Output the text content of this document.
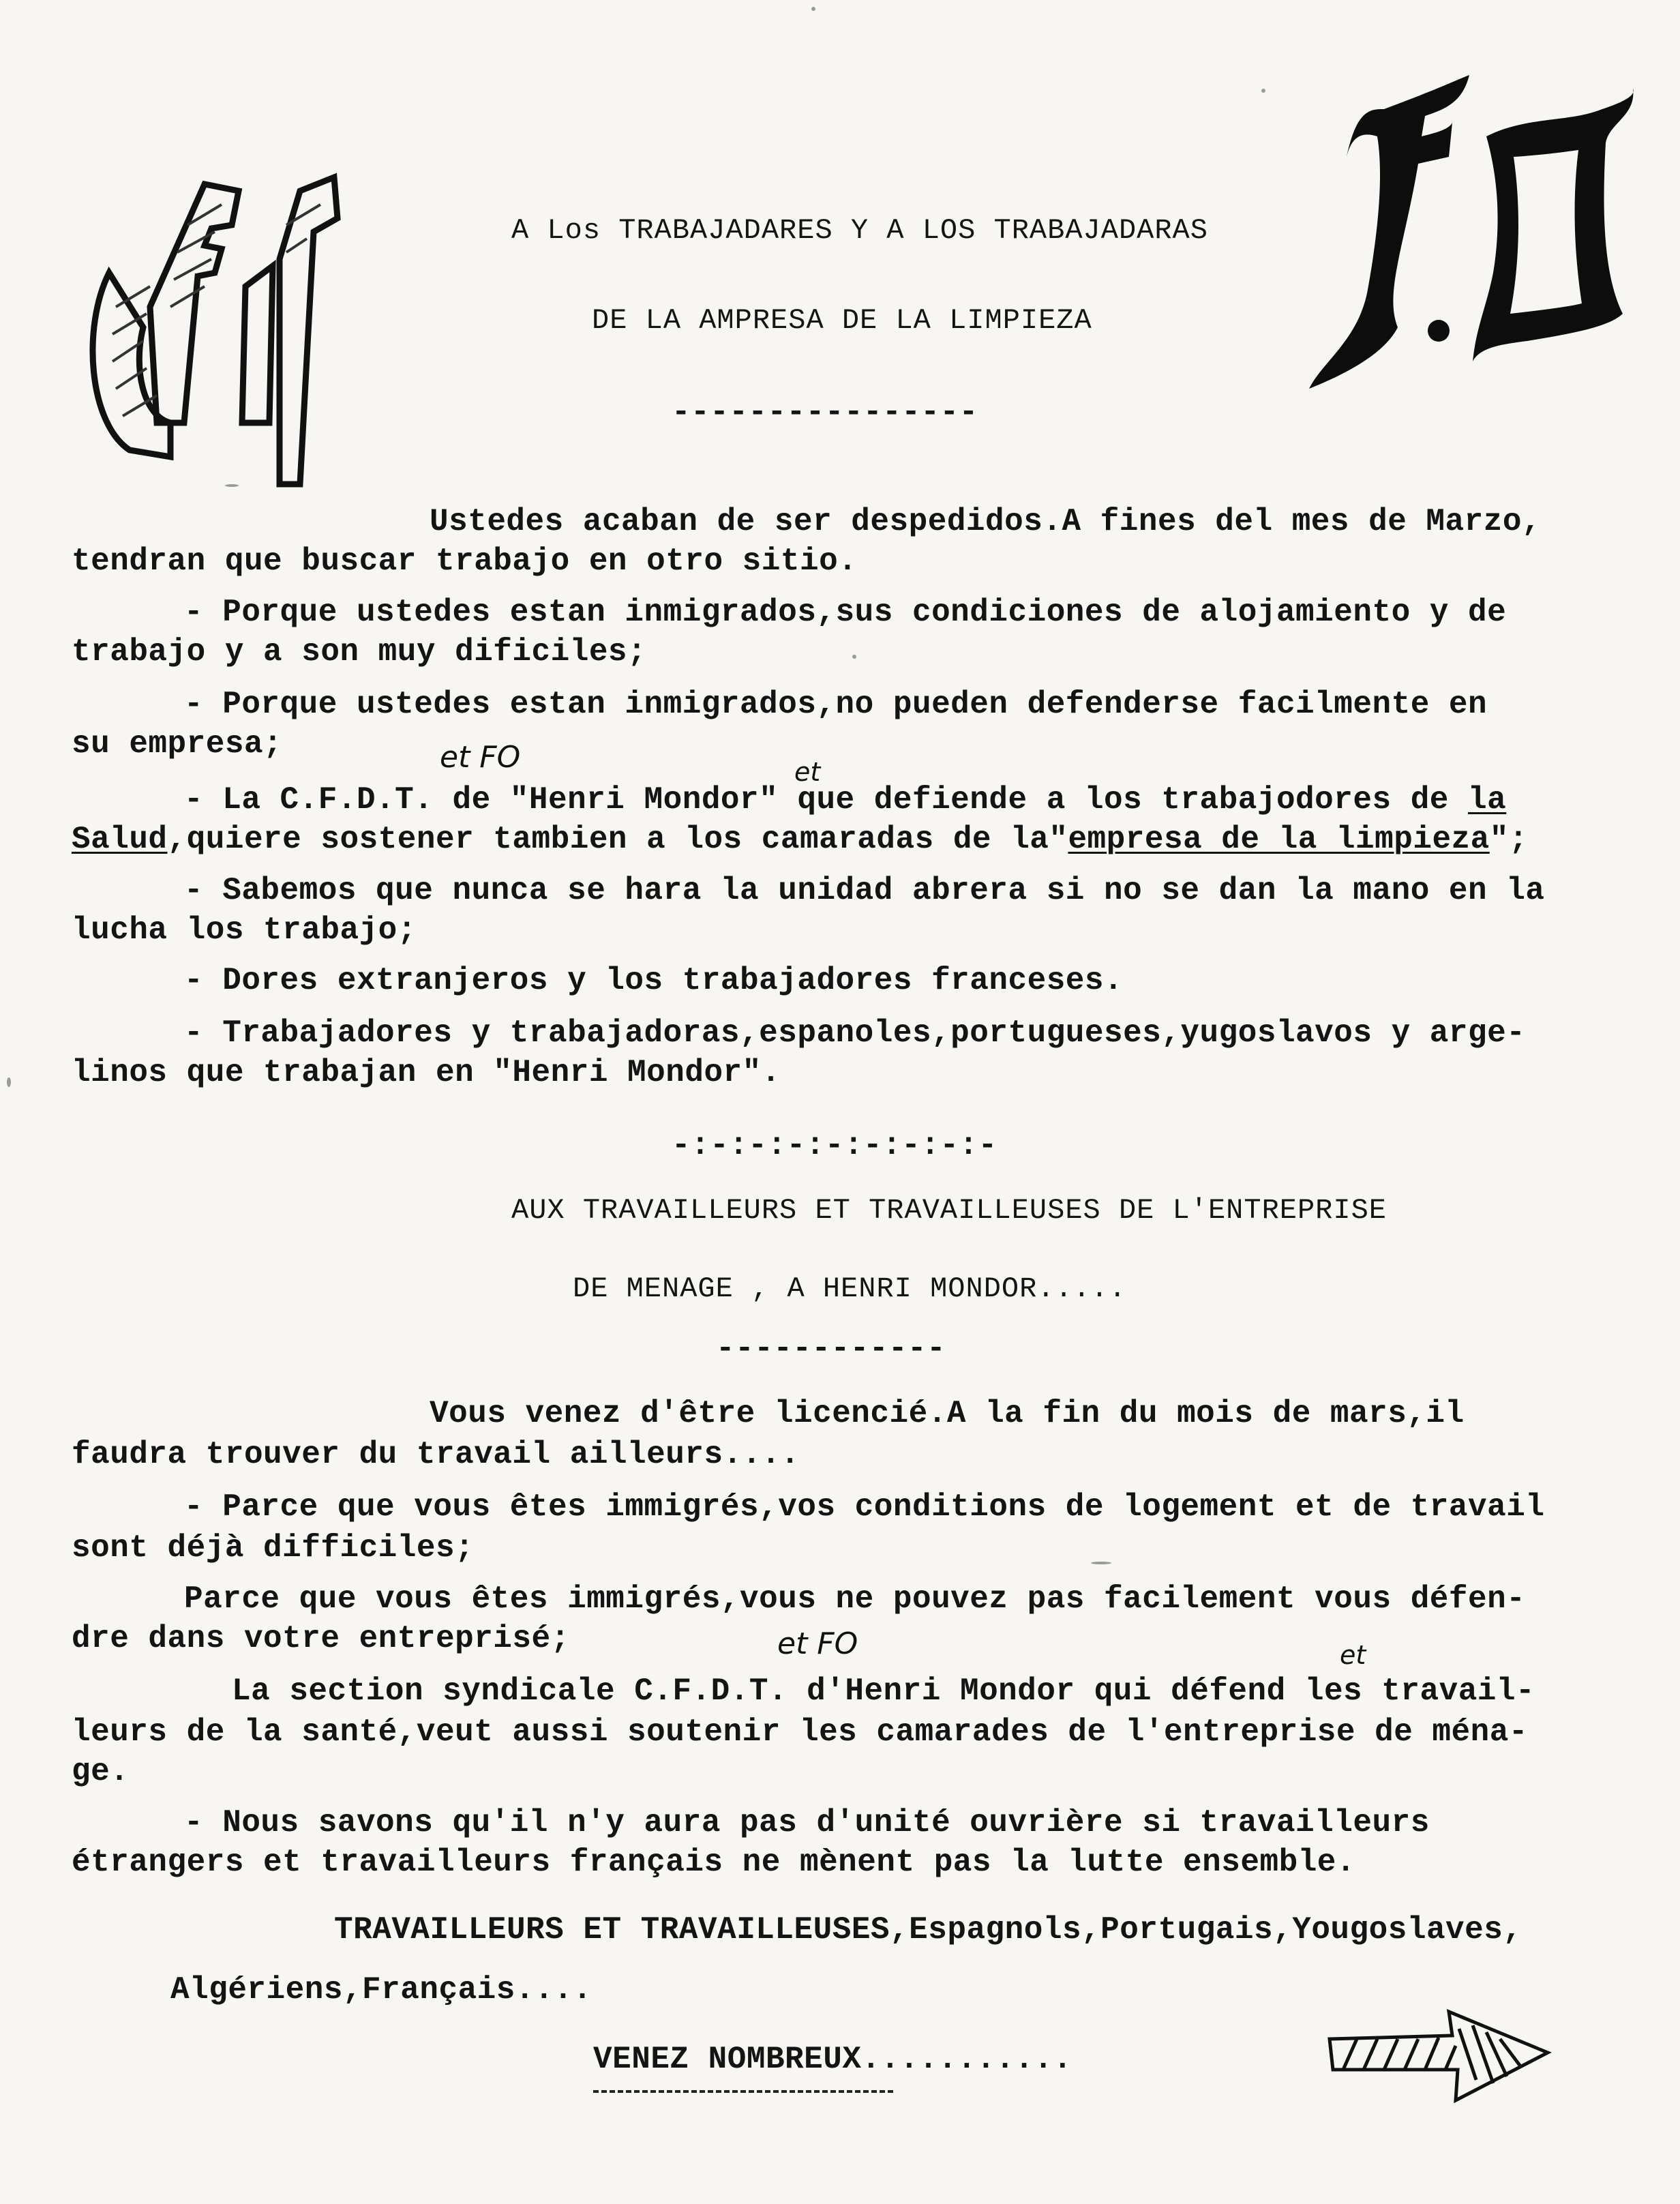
CFDT
F.O
A Los TRABAJADARES Y A LOS TRABAJADARAS
DE LA AMPRESA DE LA LIMPIEZA
----------------
Ustedes acaban de ser despedidos.A fines del mes de Marzo,
tendran que buscar trabajo en otro sitio.
- Porque ustedes estan inmigrados,sus condiciones de alojamiento y de
trabajo y a son muy dificiles;
- Porque ustedes estan inmigrados,no pueden defenderse facilmente en
su empresa;
- La C.F.D.T. de "Henri Mondor" que defiende a los trabajodores de la
Salud,quiere sostener tambien a los camaradas de la"empresa de la limpieza";
- Sabemos que nunca se hara la unidad abrera si no se dan la mano en la
lucha los trabajo;
- Dores extranjeros y los trabajadores franceses.
- Trabajadores y trabajadoras,espanoles,portugueses,yugoslavos y arge-
linos que trabajan en "Henri Mondor".
-:-:-:-:-:-:-:-:-
et FO	et
AUX TRAVAILLEURS ET TRAVAILLEUSES DE L'ENTREPRISE
DE MENAGE , A HENRI MONDOR.....
------------
Vous venez d'être licencié.A la fin du mois de mars,il
faudra trouver du travail ailleurs....
- Parce que vous êtes immigrés,vos conditions de logement et de travail
sont déjà difficiles;
Parce que vous êtes immigrés,vous ne pouvez pas facilement vous défen-
dre dans votre entreprisé;
La section syndicale C.F.D.T. d'Henri Mondor qui défend les travail-
leurs de la santé,veut aussi soutenir les camarades de l'entreprise de ména-
ge.
- Nous savons qu'il n'y aura pas d'unité ouvrière si travailleurs
étrangers et travailleurs français ne mènent pas la lutte ensemble.
TRAVAILLEURS ET TRAVAILLEUSES,Espagnols,Portugais,Yougoslaves,
Algériens,Français....
VENEZ NOMBREUX...........
et FO	et
